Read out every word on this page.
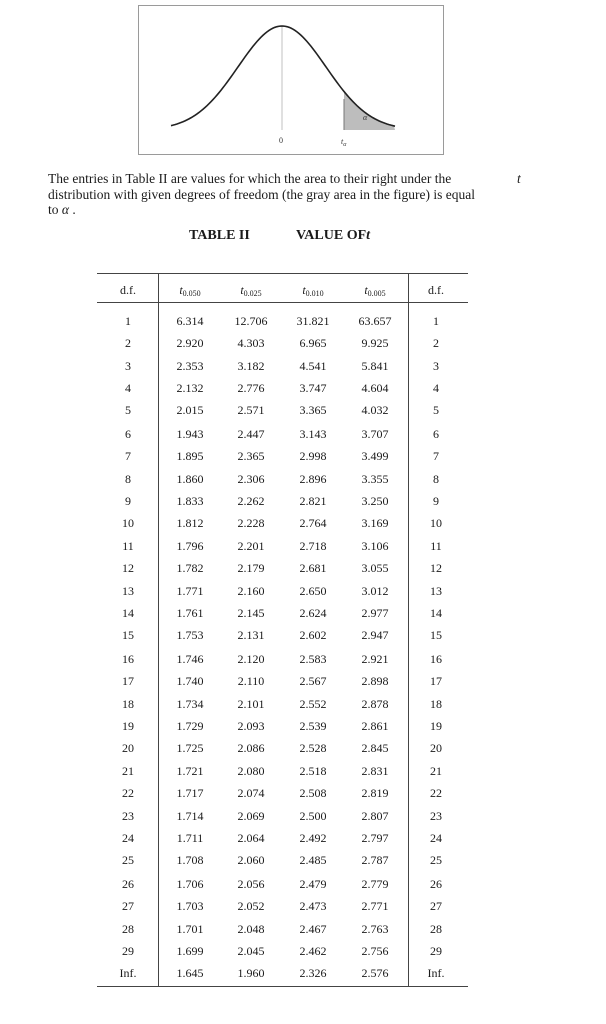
0	$t_\alpha$
α
The entries in Table II are values for which the area to their right under the	t
distribution with given degrees of freedom (the gray area in the figure) is equal
to α .
TABLE II	VALUE OFt
d.f.	$t_{0.050}$	$t_{0.025}$	$t_{0.010}$	$t_{0.005}$	d.f.
1	6.314	12.706	31.821	63.657	1
2	2.920	4.303	6.965	9.925	2
3	2.353	3.182	4.541	5.841	3
4	2.132	2.776	3.747	4.604	4
5	2.015	2.571	3.365	4.032	5
6	1.943	2.447	3.143	3.707	6
7	1.895	2.365	2.998	3.499	7
8	1.860	2.306	2.896	3.355	8
9	1.833	2.262	2.821	3.250	9
10	1.812	2.228	2.764	3.169	10
11	1.796	2.201	2.718	3.106	11
12	1.782	2.179	2.681	3.055	12
13	1.771	2.160	2.650	3.012	13
14	1.761	2.145	2.624	2.977	14
15	1.753	2.131	2.602	2.947	15
16	1.746	2.120	2.583	2.921	16
17	1.740	2.110	2.567	2.898	17
18	1.734	2.101	2.552	2.878	18
19	1.729	2.093	2.539	2.861	19
20	1.725	2.086	2.528	2.845	20
21	1.721	2.080	2.518	2.831	21
22	1.717	2.074	2.508	2.819	22
23	1.714	2.069	2.500	2.807	23
24	1.711	2.064	2.492	2.797	24
25	1.708	2.060	2.485	2.787	25
26	1.706	2.056	2.479	2.779	26
27	1.703	2.052	2.473	2.771	27
28	1.701	2.048	2.467	2.763	28
29	1.699	2.045	2.462	2.756	29
Inf.	1.645	1.960	2.326	2.576	Inf.
